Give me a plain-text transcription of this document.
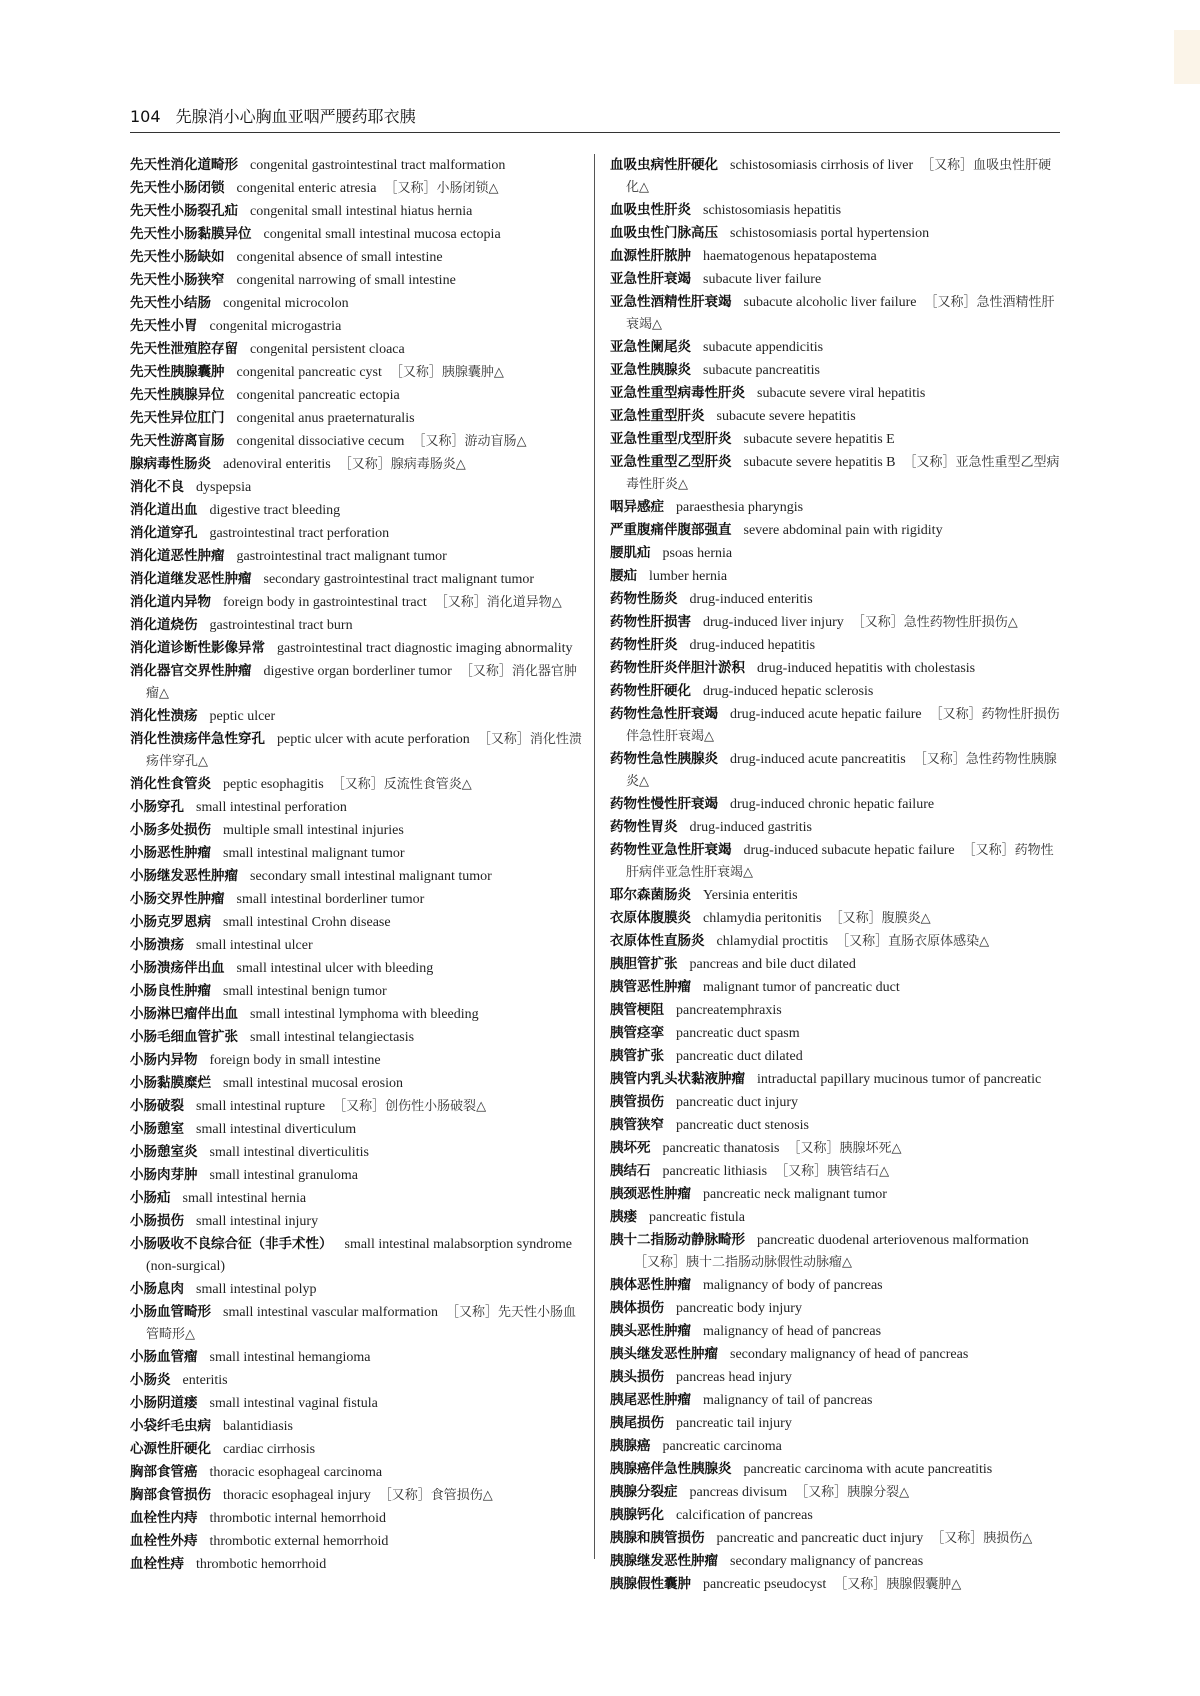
104 先腺消小心胸血亚咽严腰药耶衣胰

先天性消化道畸形 congenital gastrointestinal tract malformation

先天性小肠闭锁 congenital enteric atresia ［又称］小肠闭锁△

先天性小肠裂孔疝 congenital small intestinal hiatus hernia

先天性小肠黏膜异位 congenital small intestinal mucosa ectopia

先天性小肠缺如 congenital absence of small intestine

先天性小肠狭窄 congenital narrowing of small intestine

先天性小结肠 congenital microcolon

先天性小胃 congenital microgastria

先天性泄殖腔存留 congenital persistent cloaca

先天性胰腺囊肿 congenital pancreatic cyst ［又称］胰腺囊肿△

先天性胰腺异位 congenital pancreatic ectopia

先天性异位肛门 congenital anus praeternaturalis

先天性游离盲肠 congenital dissociative cecum ［又称］游动盲肠△

腺病毒性肠炎 adenoviral enteritis ［又称］腺病毒肠炎△

消化不良 dyspepsia

消化道出血 digestive tract bleeding

消化道穿孔 gastrointestinal tract perforation

消化道恶性肿瘤 gastrointestinal tract malignant tumor

消化道继发恶性肿瘤 secondary gastrointestinal tract malignant tumor

消化道内异物 foreign body in gastrointestinal tract ［又称］消化道异物△

消化道烧伤 gastrointestinal tract burn

消化道诊断性影像异常 gastrointestinal tract diagnostic imaging abnormality

消化器官交界性肿瘤 digestive organ borderliner tumor ［又称］消化器官肿瘤△

消化性溃疡 peptic ulcer

消化性溃疡伴急性穿孔 peptic ulcer with acute perforation ［又称］消化性溃疡伴穿孔△

消化性食管炎 peptic esophagitis ［又称］反流性食管炎△

小肠穿孔 small intestinal perforation

小肠多处损伤 multiple small intestinal injuries

小肠恶性肿瘤 small intestinal malignant tumor

小肠继发恶性肿瘤 secondary small intestinal malignant tumor

小肠交界性肿瘤 small intestinal borderliner tumor

小肠克罗恩病 small intestinal Crohn disease

小肠溃疡 small intestinal ulcer

小肠溃疡伴出血 small intestinal ulcer with bleeding

小肠良性肿瘤 small intestinal benign tumor

小肠淋巴瘤伴出血 small intestinal lymphoma with bleeding

小肠毛细血管扩张 small intestinal telangiectasis

小肠内异物 foreign body in small intestine

小肠黏膜糜烂 small intestinal mucosal erosion

小肠破裂 small intestinal rupture ［又称］创伤性小肠破裂△

小肠憩室 small intestinal diverticulum

小肠憩室炎 small intestinal diverticulitis

小肠肉芽肿 small intestinal granuloma

小肠疝 small intestinal hernia

小肠损伤 small intestinal injury

小肠吸收不良综合征（非手术性） small intestinal malabsorption syndrome (non-surgical)

小肠息肉 small intestinal polyp

小肠血管畸形 small intestinal vascular malformation ［又称］先天性小肠血管畸形△

小肠血管瘤 small intestinal hemangioma

小肠炎 enteritis

小肠阴道瘘 small intestinal vaginal fistula

小袋纤毛虫病 balantidiasis

心源性肝硬化 cardiac cirrhosis

胸部食管癌 thoracic esophageal carcinoma

胸部食管损伤 thoracic esophageal injury ［又称］食管损伤△

血栓性内痔 thrombotic internal hemorrhoid

血栓性外痔 thrombotic external hemorrhoid

血栓性痔 thrombotic hemorrhoid

血吸虫病性肝硬化 schistosomiasis cirrhosis of liver ［又称］血吸虫性肝硬化△

血吸虫性肝炎 schistosomiasis hepatitis

血吸虫性门脉高压 schistosomiasis portal hypertension

血源性肝脓肿 haematogenous hepatapostema

亚急性肝衰竭 subacute liver failure

亚急性酒精性肝衰竭 subacute alcoholic liver failure ［又称］急性酒精性肝衰竭△

亚急性阑尾炎 subacute appendicitis

亚急性胰腺炎 subacute pancreatitis

亚急性重型病毒性肝炎 subacute severe viral hepatitis

亚急性重型肝炎 subacute severe hepatitis

亚急性重型戊型肝炎 subacute severe hepatitis E

亚急性重型乙型肝炎 subacute severe hepatitis B ［又称］亚急性重型乙型病毒性肝炎△

咽异感症 paraesthesia pharyngis

严重腹痛伴腹部强直 severe abdominal pain with rigidity

腰肌疝 psoas hernia

腰疝 lumber hernia

药物性肠炎 drug-induced enteritis

药物性肝损害 drug-induced liver injury ［又称］急性药物性肝损伤△

药物性肝炎 drug-induced hepatitis

药物性肝炎伴胆汁淤积 drug-induced hepatitis with cholestasis

药物性肝硬化 drug-induced hepatic sclerosis

药物性急性肝衰竭 drug-induced acute hepatic failure ［又称］药物性肝损伤伴急性肝衰竭△

药物性急性胰腺炎 drug-induced acute pancreatitis ［又称］急性药物性胰腺炎△

药物性慢性肝衰竭 drug-induced chronic hepatic failure

药物性胃炎 drug-induced gastritis

药物性亚急性肝衰竭 drug-induced subacute hepatic failure ［又称］药物性肝病伴亚急性肝衰竭△

耶尔森菌肠炎 Yersinia enteritis

衣原体腹膜炎 chlamydia peritonitis ［又称］腹膜炎△

衣原体性直肠炎 chlamydial proctitis ［又称］直肠衣原体感染△

胰胆管扩张 pancreas and bile duct dilated

胰管恶性肿瘤 malignant tumor of pancreatic duct

胰管梗阻 pancreatemphraxis

胰管痉挛 pancreatic duct spasm

胰管扩张 pancreatic duct dilated

胰管内乳头状黏液肿瘤 intraductal papillary mucinous tumor of pancreatic

胰管损伤 pancreatic duct injury

胰管狭窄 pancreatic duct stenosis

胰坏死 pancreatic thanatosis ［又称］胰腺坏死△

胰结石 pancreatic lithiasis ［又称］胰管结石△

胰颈恶性肿瘤 pancreatic neck malignant tumor

胰瘘 pancreatic fistula

胰十二指肠动静脉畸形 pancreatic duodenal arteriovenous malformation［又称］胰十二指肠动脉假性动脉瘤△

胰体恶性肿瘤 malignancy of body of pancreas

胰体损伤 pancreatic body injury

胰头恶性肿瘤 malignancy of head of pancreas

胰头继发恶性肿瘤 secondary malignancy of head of pancreas

胰头损伤 pancreas head injury

胰尾恶性肿瘤 malignancy of tail of pancreas

胰尾损伤 pancreatic tail injury

胰腺癌 pancreatic carcinoma

胰腺癌伴急性胰腺炎 pancreatic carcinoma with acute pancreatitis

胰腺分裂症 pancreas divisum ［又称］胰腺分裂△

胰腺钙化 calcification of pancreas

胰腺和胰管损伤 pancreatic and pancreatic duct injury ［又称］胰损伤△

胰腺继发恶性肿瘤 secondary malignancy of pancreas

胰腺假性囊肿 pancreatic pseudocyst ［又称］胰腺假囊肿△
